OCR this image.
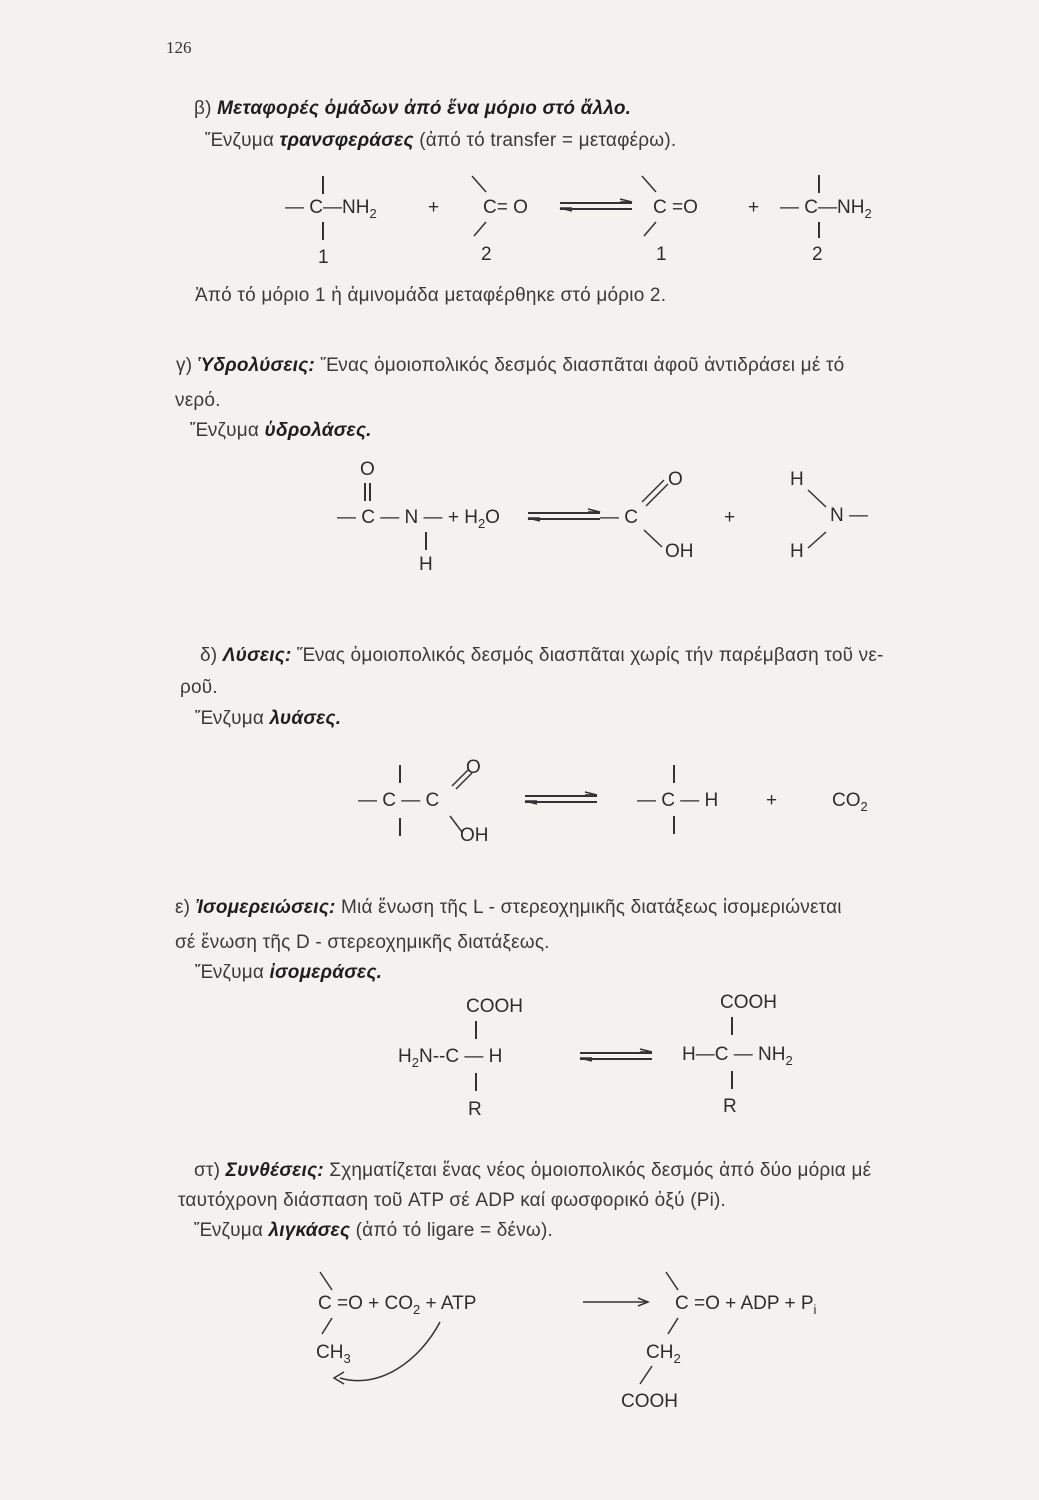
126
β) Μεταφορές ὁμάδων ἀπό ἕνα μόριο στό ἄλλο.
Ἔνζυμα τρανσφεράσες (ἀπό τό transfer = μεταφέρω).
— $C—NH_2$
1
+ C= O
2
C =O
1
+ — $C—NH_2$
2
Ἀπό τό μόριο 1 ἡ ἀμινομάδα μεταφέρθηκε στό μόριο 2.
γ) Ὑδρολύσεις: Ἕνας ὁμοιοπολικός δεσμός διασπᾶται ἀφοῦ ἀντιδράσει μέ τό
νερό.
Ἔνζυμα ὑδρολάσες.
O
— C — N — + $H_2O$
H
— C
O
OH
+
H
N —
H
δ) Λύσεις: Ἕνας ὁμοιοπολικός δεσμός διασπᾶται χωρίς τήν παρέμβαση τοῦ νε-
ροῦ.
Ἔνζυμα λυάσες.
— C — C
O
OH
— C — H	+	$CO_2$
ε) Ἰσομερειώσεις: Μιά ἕνωση τῆς L - στερεοχημικῆς διατάξεως ἰσομεριώνεται
σέ ἕνωση τῆς D - στερεοχημικῆς διατάξεως.
Ἔνζυμα ἰσομεράσες.
COOH
$H_2N--C$ — H
R
COOH
H—C — $NH_2$
R
στ) Συνθέσεις: Σχηματίζεται ἕνας νέος ὁμοιοπολικός δεσμός ἀπό δύο μόρια μέ
ταυτόχρονη διάσπαση τοῦ ATP σέ ADP καί φωσφορικό ὀξύ (Pi).
Ἔνζυμα λιγκάσες (ἀπό τό ligare = δένω).
$C =O + CO_2$ + ATP
$CH_3$
C =O + ADP + $P_i$
$CH_2$
COOH
